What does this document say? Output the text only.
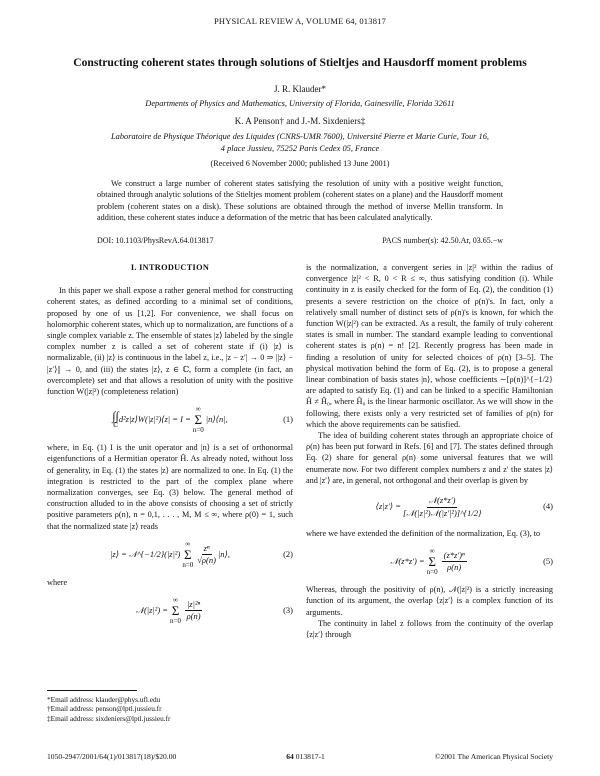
PHYSICAL REVIEW A, VOLUME 64, 013817
Constructing coherent states through solutions of Stieltjes and Hausdorff moment problems
J. R. Klauder*
Departments of Physics and Mathematics, University of Florida, Gainesville, Florida 32611
K. A Penson† and J.-M. Sixdeniers‡
Laboratoire de Physique Théorique des Liquides (CNRS-UMR 7600), Université Pierre et Marie Curie, Tour 16,
4 place Jussieu, 75252 Paris Cedex 05, France
(Received 6 November 2000; published 13 June 2001)
We construct a large number of coherent states satisfying the resolution of unity with a positive weight function, obtained through analytic solutions of the Stieltjes moment problem (coherent states on a plane) and the Hausdorff moment problem (coherent states on a disk). These solutions are obtained through the method of inverse Mellin transform. In addition, these coherent states induce a deformation of the metric that has been calculated analytically.
DOI: 10.1103/PhysRevA.64.013817	PACS number(s): 42.50.Ar, 03.65.−w
I. INTRODUCTION

In this paper we shall expose a rather general method for constructing coherent states, as defined according to a minimal set of conditions, proposed by one of us [1,2]. For convenience, we shall focus on holomorphic coherent states, which up to normalization, are functions of a single complex variable z. The ensemble of states |z⟩ labeled by the single complex number z is called a set of coherent state if (i) |z⟩ is normalizable, (ii) |z⟩ is continuous in the label z, i.e., |z − z′| → 0 ⇒ ||z⟩ − |z′⟩|| → 0, and (iii) the states |z⟩, z ∈ ℂ, form a complete (in fact, an overcomplete) set and that allows a resolution of unity with the positive function W(|z|²) (completeness relation)

∫∫
ℂ
d²z|z⟩W(|z|²)⟨z| = I =
∞
Σ
n=0
|n⟩⟨n|,	(1)

where, in Eq. (1) I is the unit operator and |n⟩ is a set of orthonormal eigenfunctions of a Hermitian operator Ĥ. As already noted, without loss of generality, in Eq. (1) the states |z⟩ are normalized to one. In Eq. (1) the integration is restricted to the part of the complex plane where normalization converges, see Eq. (3) below. The general method of construction alluded to in the above consists of choosing a set of strictly positive parameters ρ(n), n = 0,1, . . . , M, M ≤ ∞, where ρ(0) = 1, such that the normalized state |z⟩ reads

|z⟩ = 𝒩^{−1/2}(|z|²)
∞
Σ
$n=0 \frac{\text{zⁿ}}{√\rho(n)}$ |n⟩,	(2)

where

𝒩(|z|²) =
∞
Σ
$n=0 \frac{\text{|z|²ⁿ}}{\rho(n)}$	(3)

is the normalization, a convergent series in |z|² within the radius of convergence |z|² < R, 0 < R ≤ ∞, thus satisfying condition (i). While continuity in z is easily checked for the form of Eq. (2), the condition (1) presents a severe restriction on the choice of ρ(n)'s. In fact, only a relatively small number of distinct sets of ρ(n)'s is known, for which the function W(|z|²) can be extracted. As a result, the family of truly coherent states is small in number. The standard example leading to conventional coherent states is ρ(n) = n! [2]. Recently progress has been made in finding a resolution of unity for selected choices of ρ(n) [3–5]. The physical motivation behind the form of Eq. (2), is to propose a general linear combination of basis states |n⟩, whose coefficients ∼[ρ(n)]^{−1/2} are adapted to satisfy Eq. (1) and can be linked to a specific Hamiltonian Ĥ ≠ Ĥ₀, where Ĥ₀ is the linear harmonic oscillator. As we will show in the following, there exists only a very restricted set of families of ρ(n) for which the above requirements can be satisfied.

The idea of building coherent states through an appropriate choice of ρ(n) has been put forward in Refs. [6] and [7]. The states defined through Eq. (2) share for general ρ(n) some universal features that we will enumerate now. For two different complex numbers z and z′ the states |z⟩ and |z′⟩ are, in general, not orthogonal and their overlap is given by

⟨z|z′⟩ = $\frac{\text{𝒩(z*z′)}}{\text{[𝒩(|z|²)𝒩(|z′|²)]\textasciicircum{}\{1/2\}}}$	(4)

where we have extended the definition of the normalization, Eq. (3), to

𝒩(z*z′) =
∞
Σ
$n=0 \frac{\text{(z*z′)ⁿ}}{\rho(n)}$	(5)

Whereas, through the positivity of ρ(n), 𝒩(|z|²) is a strictly increasing function of its argument, the overlap ⟨z|z′⟩ is a complex function of its arguments.

The continuity in label z follows from the continuity of the overlap ⟨z|z′⟩ through

*Email address: klauder@phys.ufl.edu
†Email address: penson@lptl.jussieu.fr
‡Email address: sixdeniers@lptl.jussieu.fr
1050-2947/2001/64(1)/013817(18)/$20.00	64 013817-1	©2001 The American Physical Society
